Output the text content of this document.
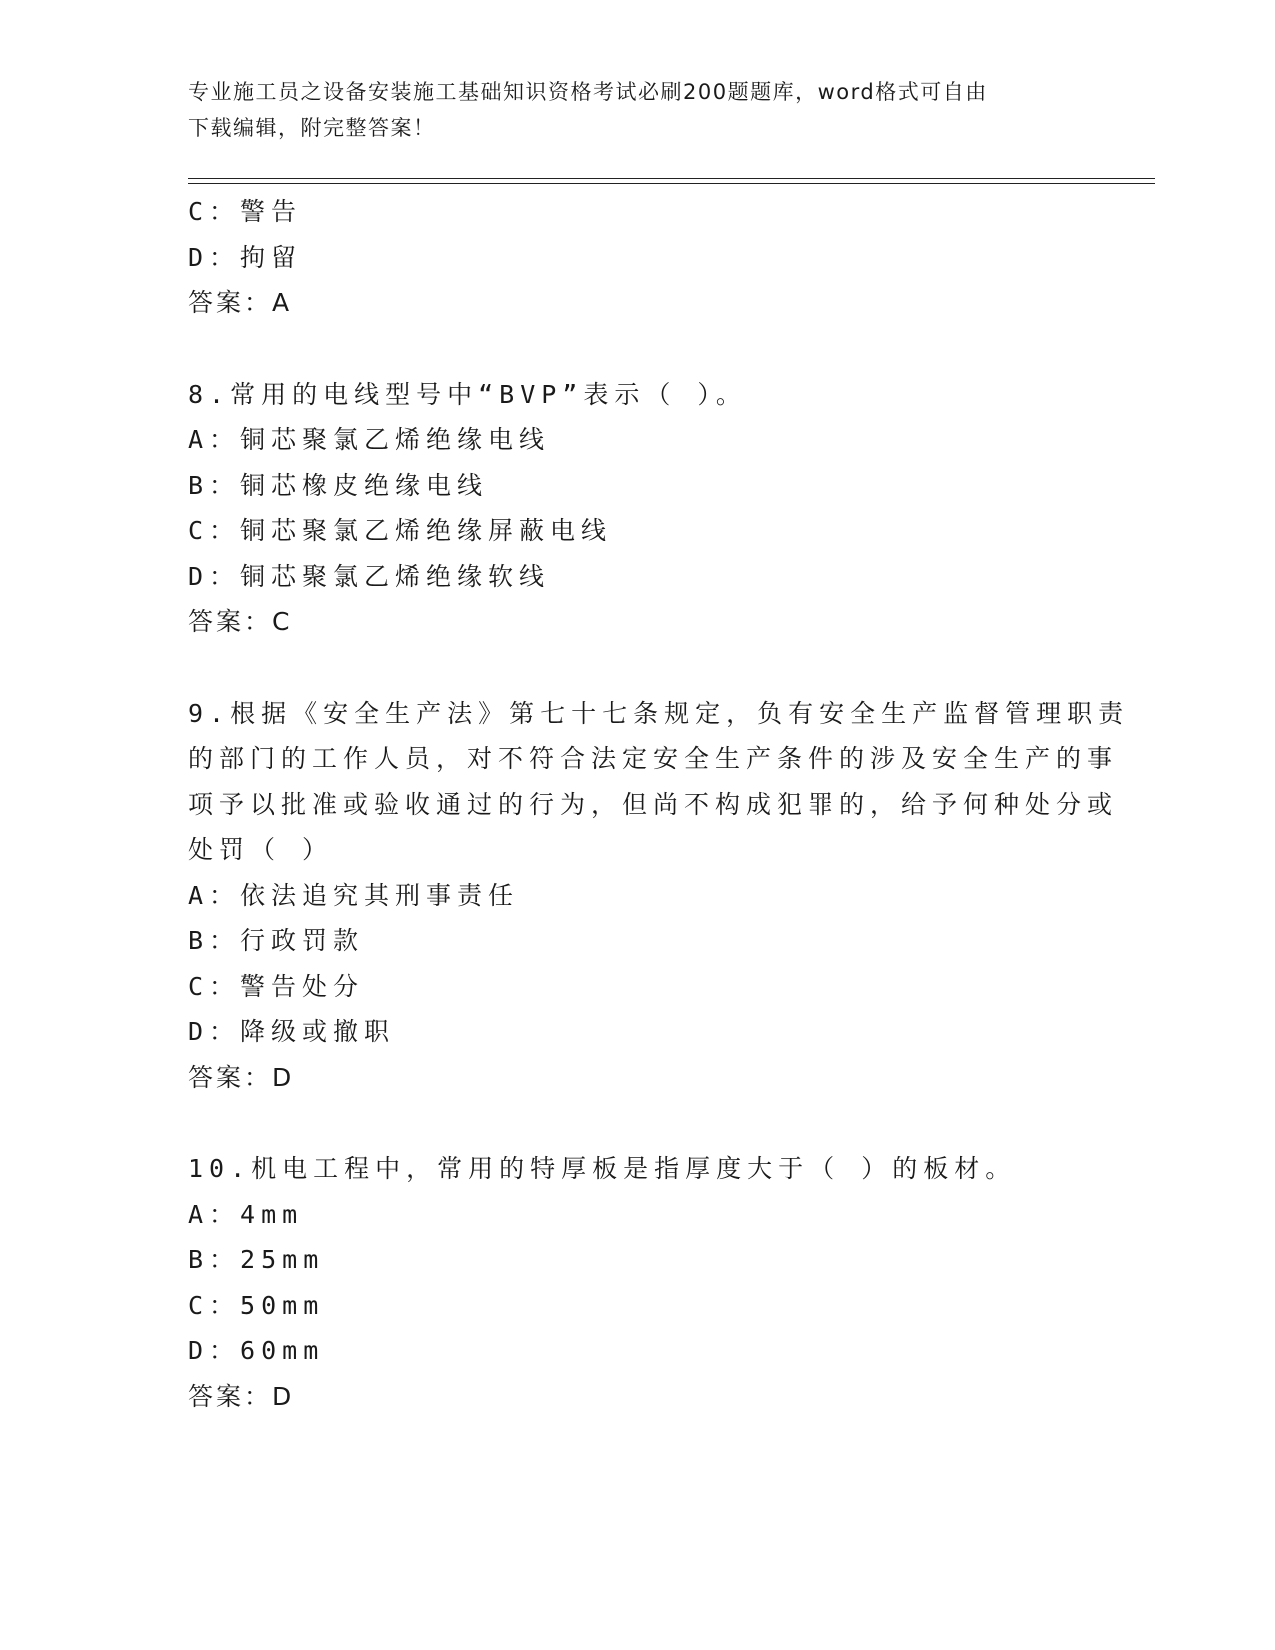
专业施工员之设备安装施工基础知识资格考试必刷200题题库，word格式可自由
下载编辑，附完整答案！
C：警告
D：拘留
答案：A
8.常用的电线型号中“BVP”表示（ ）。
A：铜芯聚氯乙烯绝缘电线
B：铜芯橡皮绝缘电线
C：铜芯聚氯乙烯绝缘屏蔽电线
D：铜芯聚氯乙烯绝缘软线
答案：C
9.根据《安全生产法》第七十七条规定，负有安全生产监督管理职责
的部门的工作人员，对不符合法定安全生产条件的涉及安全生产的事
项予以批准或验收通过的行为，但尚不构成犯罪的，给予何种处分或
处罚（ ）
A：依法追究其刑事责任
B：行政罚款
C：警告处分
D：降级或撤职
答案：D
10.机电工程中，常用的特厚板是指厚度大于（ ）的板材。
A：4mm
B：25mm
C：50mm
D：60mm
答案：D
